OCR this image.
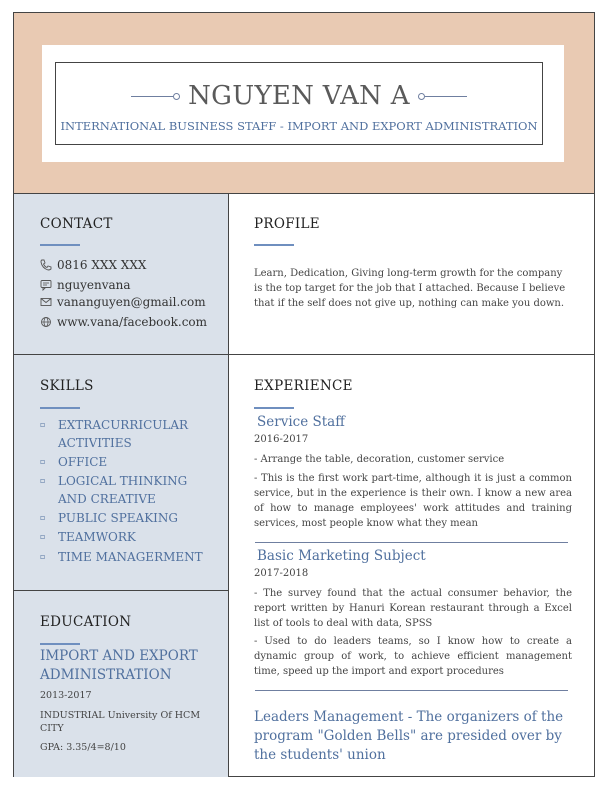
NGUYEN VAN A
INTERNATIONAL BUSINESS STAFF - IMPORT AND EXPORT ADMINISTRATION
CONTACT
0816 XXX XXX
nguyenvana
vananguyen@gmail.com
www.vana/facebook.com
SKILLS
▫	EXTRACURRICULAR ACTIVITIES
▫	OFFICE
▫	LOGICAL THINKING AND CREATIVE
▫	PUBLIC SPEAKING
▫	TEAMWORK
▫	TIME MANAGERMENT
EDUCATION
IMPORT AND EXPORT ADMINISTRATION
2013-2017
INDUSTRIAL University Of HCM CITY
GPA: 3.35/4=8/10
PROFILE
Learn, Dedication, Giving long-term growth for the company is the top target for the job that I attached. Because I believe that if the self does not give up, nothing can make you down.
EXPERIENCE
Service Staff
2016-2017
- Arrange the table, decoration, customer service
- This is the first work part-time, although it is just a common service, but in the experience is their own. I know a new area of how to manage employees' work attitudes and training services, most people know what they mean
Basic Marketing Subject
2017-2018
- The survey found that the actual consumer behavior, the report written by Hanuri Korean restaurant through a Excel list of tools to deal with data, SPSS
- Used to do leaders teams, so I know how to create a dynamic group of work, to achieve efficient management time, speed up the import and export procedures
Leaders Management - The organizers of the program "Golden Bells" are presided over by the students' union
